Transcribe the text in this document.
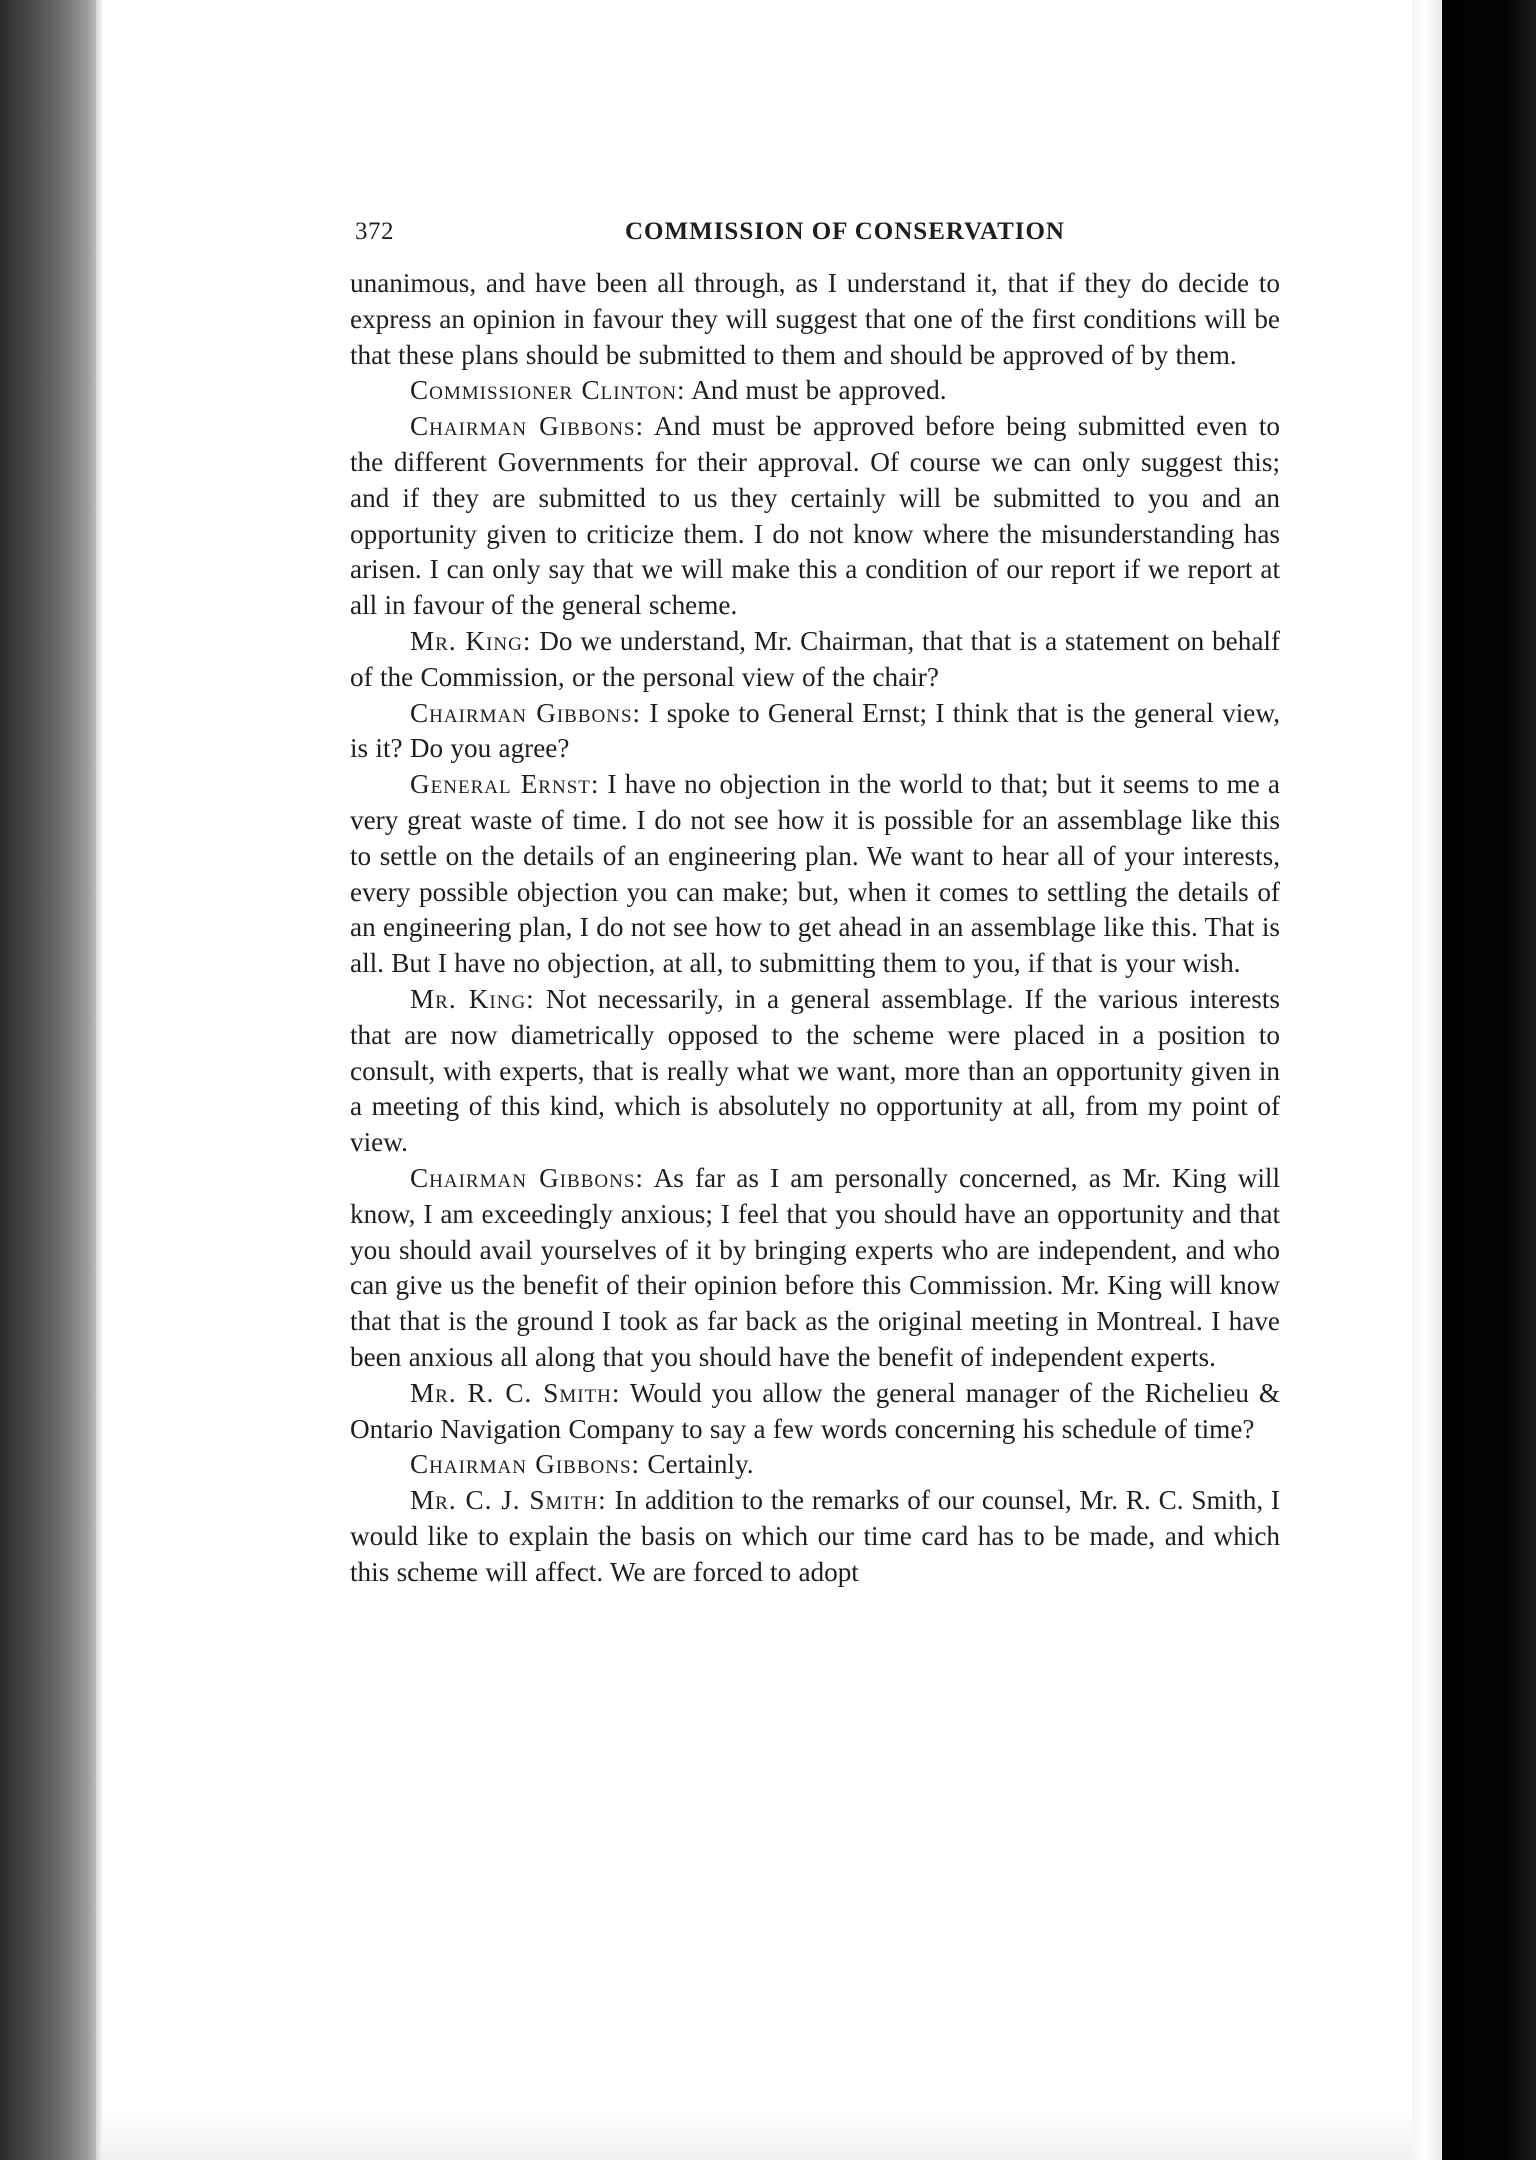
372	COMMISSION OF CONSERVATION

unanimous, and have been all through, as I understand it, that if they do decide to express an opinion in favour they will suggest that one of the first conditions will be that these plans should be submitted to them and should be approved of by them.

Commissioner Clinton: And must be approved.

Chairman Gibbons: And must be approved before being submitted even to the different Governments for their approval. Of course we can only suggest this; and if they are submitted to us they certainly will be submitted to you and an opportunity given to criticize them. I do not know where the misunderstanding has arisen. I can only say that we will make this a condition of our report if we report at all in favour of the general scheme.

Mr. King: Do we understand, Mr. Chairman, that that is a statement on behalf of the Commission, or the personal view of the chair?

Chairman Gibbons: I spoke to General Ernst; I think that is the general view, is it? Do you agree?

General Ernst: I have no objection in the world to that; but it seems to me a very great waste of time. I do not see how it is possible for an assemblage like this to settle on the details of an engineering plan. We want to hear all of your interests, every possible objection you can make; but, when it comes to settling the details of an engineering plan, I do not see how to get ahead in an assemblage like this. That is all. But I have no objection, at all, to submitting them to you, if that is your wish.

Mr. King: Not necessarily, in a general assemblage. If the various interests that are now diametrically opposed to the scheme were placed in a position to consult, with experts, that is really what we want, more than an opportunity given in a meeting of this kind, which is absolutely no opportunity at all, from my point of view.

Chairman Gibbons: As far as I am personally concerned, as Mr. King will know, I am exceedingly anxious; I feel that you should have an opportunity and that you should avail yourselves of it by bringing experts who are independent, and who can give us the benefit of their opinion before this Commission. Mr. King will know that that is the ground I took as far back as the original meeting in Montreal. I have been anxious all along that you should have the benefit of independent experts.

Mr. R. C. Smith: Would you allow the general manager of the Richelieu & Ontario Navigation Company to say a few words concerning his schedule of time?

Chairman Gibbons: Certainly.

Mr. C. J. Smith: In addition to the remarks of our counsel, Mr. R. C. Smith, I would like to explain the basis on which our time card has to be made, and which this scheme will affect. We are forced to adopt
